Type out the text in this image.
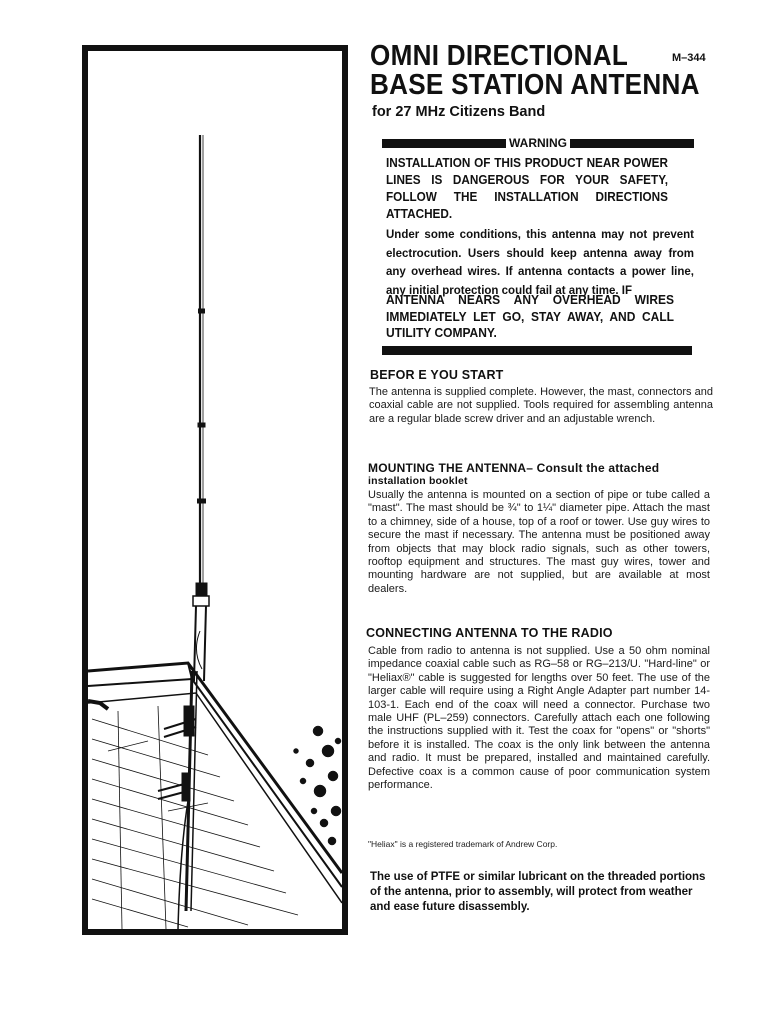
OMNI DIRECTIONAL
BASE STATION ANTENNA
M–344
for 27 MHz Citizens Band
WARNING
INSTALLATION OF THIS PRODUCT NEAR POWER LINES IS DANGEROUS FOR YOUR SAFETY, FOLLOW THE INSTALLATION DIRECTIONS ATTACHED.
Under some conditions, this antenna may not prevent electrocution. Users should keep antenna away from any overhead wires. If antenna contacts a power line, any initial protection could fail at any time. IF
ANTENNA NEARS ANY OVERHEAD WIRES IMMEDIATELY LET GO, STAY AWAY, AND CALL UTILITY COMPANY.
BEFOR E YOU START
The antenna is supplied complete. However, the mast, connectors and coaxial cable are not supplied. Tools required for assembling antenna are a regular blade screw driver and an adjustable wrench.
MOUNTING THE ANTENNA– Consult the attached
installation booklet
Usually the antenna is mounted on a section of pipe or tube called a "mast". The mast should be ¾" to 1¼" diameter pipe. Attach the mast to a chimney, side of a house, top of a roof or tower. Use guy wires to secure the mast if necessary. The antenna must be positioned away from objects that may block radio signals, such as other towers, rooftop equipment and structures. The mast guy wires, tower and mounting hardware are not supplied, but are available at most dealers.
CONNECTING ANTENNA TO THE RADIO
Cable from radio to antenna is not supplied. Use a 50 ohm nominal impedance coaxial cable such as RG–58 or RG–213/U. "Hard-line" or "Heliax®" cable is suggested for lengths over 50 feet. The use of the larger cable will require using a Right Angle Adapter part number 14-103-1. Each end of the coax will need a connector. Purchase two male UHF (PL–259) connectors. Carefully attach each one following the instructions supplied with it. Test the coax for "opens" or "shorts" before it is installed. The coax is the only link between the antenna and radio. It must be prepared, installed and maintained carefully. Defective coax is a common cause of poor communication system performance.
"Heliax" is a registered trademark of Andrew Corp.
The use of PTFE or similar lubricant on the threaded portions of the antenna, prior to assembly, will protect from weather and ease future disassembly.
